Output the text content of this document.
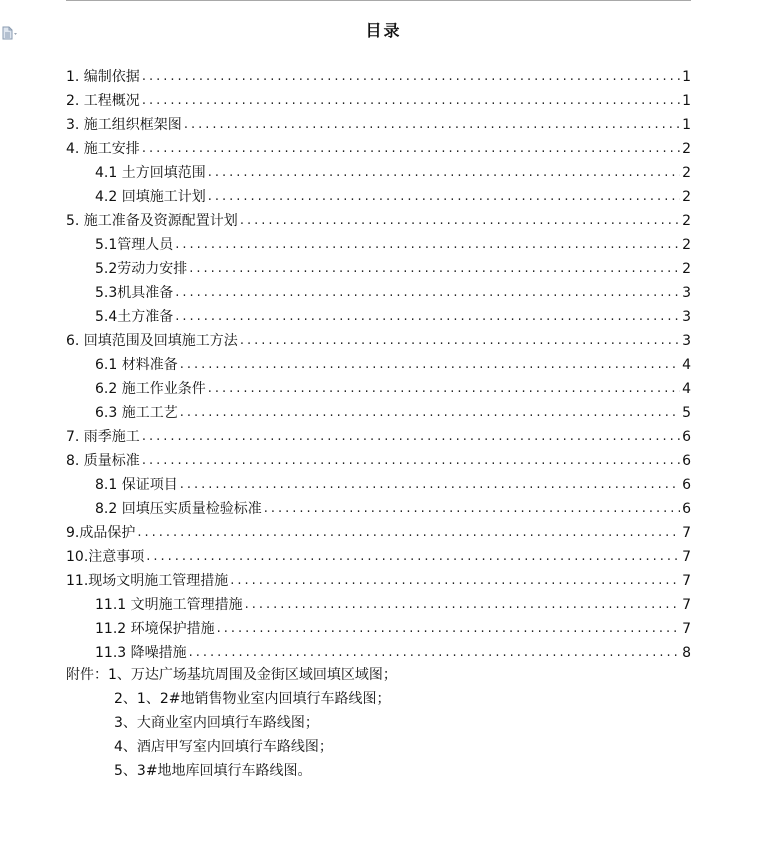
目录
1. 编制依据 .....	1
2. 工程概况 .....	1
3. 施工组织框架图 .....	1
4. 施工安排 .....	2
4.1 土方回填范围 .....	2
4.2 回填施工计划 .....	2
5. 施工准备及资源配置计划 .....	2
5.1管理人员 .....	2
5.2劳动力安排 .....	2
5.3机具准备 .....	3
5.4土方准备 .....	3
6. 回填范围及回填施工方法 .....	3
6.1 材料准备 .....	4
6.2 施工作业条件 .....	4
6.3 施工工艺 .....	5
7. 雨季施工 .....	6
8. 质量标准 .....	6
8.1 保证项目 .....	6
8.2 回填压实质量检验标准 .....	6
9.成品保护 .....	7
10.注意事项 .....	7
11.现场文明施工管理措施 .....	7
11.1 文明施工管理措施 .....	7
11.2 环境保护措施 .....	7
11.3 降噪措施 .....	8
附件：1、万达广场基坑周围及金街区域回填区域图；
2、1、2#地销售物业室内回填行车路线图；
3、大商业室内回填行车路线图；
4、酒店甲写室内回填行车路线图；
5、3#地地库回填行车路线图。
